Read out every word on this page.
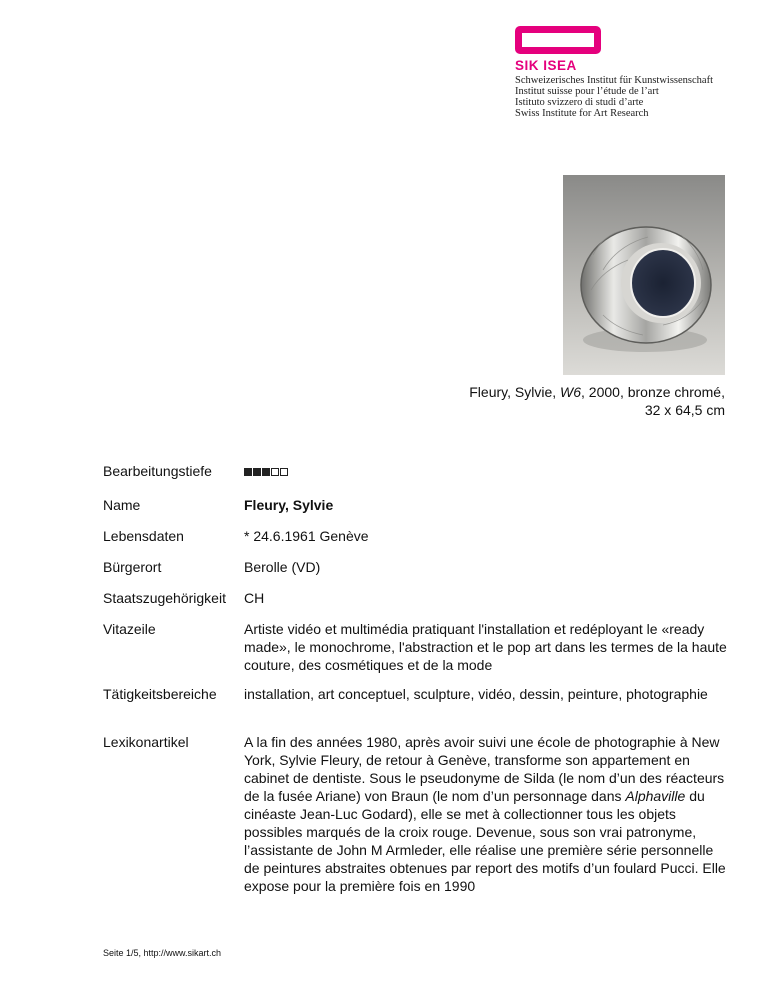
SIK ISEA
Schweizerisches Institut für Kunstwissenschaft
Institut suisse pour l’étude de l’art
Istituto svizzero di studi d’arte
Swiss Institute for Art Research
Fleury, Sylvie, W6, 2000, bronze chromé, 32 x 64,5 cm
Bearbeitungstiefe
Name	Fleury, Sylvie
Lebensdaten	* 24.6.1961 Genève
Bürgerort	Berolle (VD)
Staatszugehörigkeit	CH
Vitazeile	Artiste vidéo et multimédia pratiquant l'installation et redéployant le «ready made», le monochrome, l'abstraction et le pop art dans les termes de la haute couture, des cosmétiques et de la mode
Tätigkeitsbereiche	installation, art conceptuel, sculpture, vidéo, dessin, peinture, photographie
Lexikonartikel	A la fin des années 1980, après avoir suivi une école de photographie à New York, Sylvie Fleury, de retour à Genève, transforme son appartement en cabinet de dentiste. Sous le pseudonyme de Silda (le nom d’un des réacteurs de la fusée Ariane) von Braun (le nom d’un personnage dans Alphaville du cinéaste Jean-Luc Godard), elle se met à collectionner tous les objets possibles marqués de la croix rouge. Devenue, sous son vrai patronyme, l’assistante de John M Armleder, elle réalise une première série personnelle de peintures abstraites obtenues par report des motifs d’un foulard Pucci. Elle expose pour la première fois en 1990
Seite 1/5, http://www.sikart.ch
